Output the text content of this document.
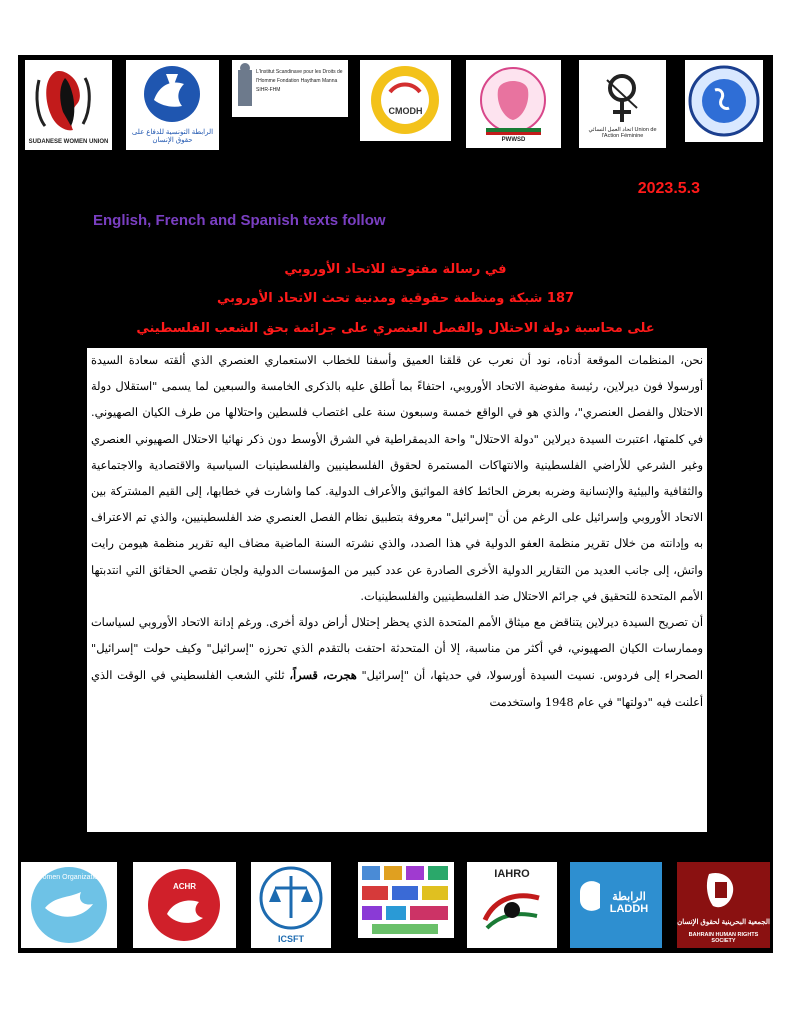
SUDANESE WOMEN UNION
الرابطة التونسية للدفاع على حقوق الإنسان
L'Institut Scandinave pour les Droits de l'Homme Fondation Haytham Manna SIHR-FHM
CMODH
PWWSD
اتحاد العمل النسائي Union de l'Action Féminine
2023.5.3
English, French and Spanish texts follow
في رسالة مفتوحة للاتحاد الأوروبي
187 شبكة ومنظمة حقوقية ومدنية تحث الاتحاد الأوروبي
على محاسبة دولة الاحتلال والفصل العنصري على جرائمة بحق الشعب الفلسطيني

نحن، المنظمات الموقعة أدناه، نود أن نعرب عن قلقنا العميق وأسفنا للخطاب الاستعماري العنصري الذي ألقته سعادة السيدة أورسولا فون ديرلاين، رئيسة مفوضية الاتحاد الأوروبي، احتفاءً بما أطلق عليه بالذكرى الخامسة والسبعين لما يسمى "استقلال دولة الاحتلال والفصل العنصري"، والذي هو في الواقع خمسة وسبعون سنة على اغتصاب فلسطين واحتلالها من طرف الكيان الصهيوني. في كلمتها، اعتبرت السيدة ديرلاين "دولة الاحتلال" واحة الديمقراطية في الشرق الأوسط دون ذكر نهائيا الاحتلال الصهيوني العنصري وغير الشرعي للأراضي الفلسطينية والانتهاكات المستمرة لحقوق الفلسطينيين والفلسطينيات السياسية والاقتصادية والاجتماعية والثقافية والبيئية والإنسانية وضربه بعرض الحائط كافة المواثيق والأعراف الدولية. كما واشارت في خطابها، إلى القيم المشتركة بين الاتحاد الأوروبي وإسرائيل على الرغم من أن "إسرائيل" معروفة بتطبيق نظام الفصل العنصري ضد الفلسطينيين، والذي تم الاعتراف به وإدانته من خلال تقرير منظمة العفو الدولية في هذا الصدد، والذي نشرته السنة الماضية مضاف اليه تقرير منظمة هيومن رايت واتش، إلى جانب العديد من التقارير الدولية الأخرى الصادرة عن عدد كبير من المؤسسات الدولية ولجان تقصي الحقائق التي انتدبتها الأمم المتحدة للتحقيق في جرائم الاحتلال ضد الفلسطينيين والفلسطينيات.

أن تصريح السيدة ديرلاين يتناقض مع ميثاق الأمم المتحدة الذي يحظر إحتلال أراض دولة أخرى. ورغم إدانة الاتحاد الأوروبي لسياسات وممارسات الكيان الصهيوني، في أكثر من مناسبة، إلا أن المتحدثة احتفت بالتقدم الذي تحرزه "إسرائيل" وكيف حولت "إسرائيل" الصحراء إلى فردوس. نسيت السيدة أورسولا، في حديثها، أن "إسرائيل" هجرت، قسراً، ثلثي الشعب الفلسطيني في الوقت الذي أعلنت فيه "دولتها" في عام 1948 واستخدمت

Women Organization
ACHR
ICSFT
IAHRO
الرابطة LADDH
الجمعية البحرينية لحقوق الإنسان
BAHRAIN HUMAN RIGHTS SOCIETY
